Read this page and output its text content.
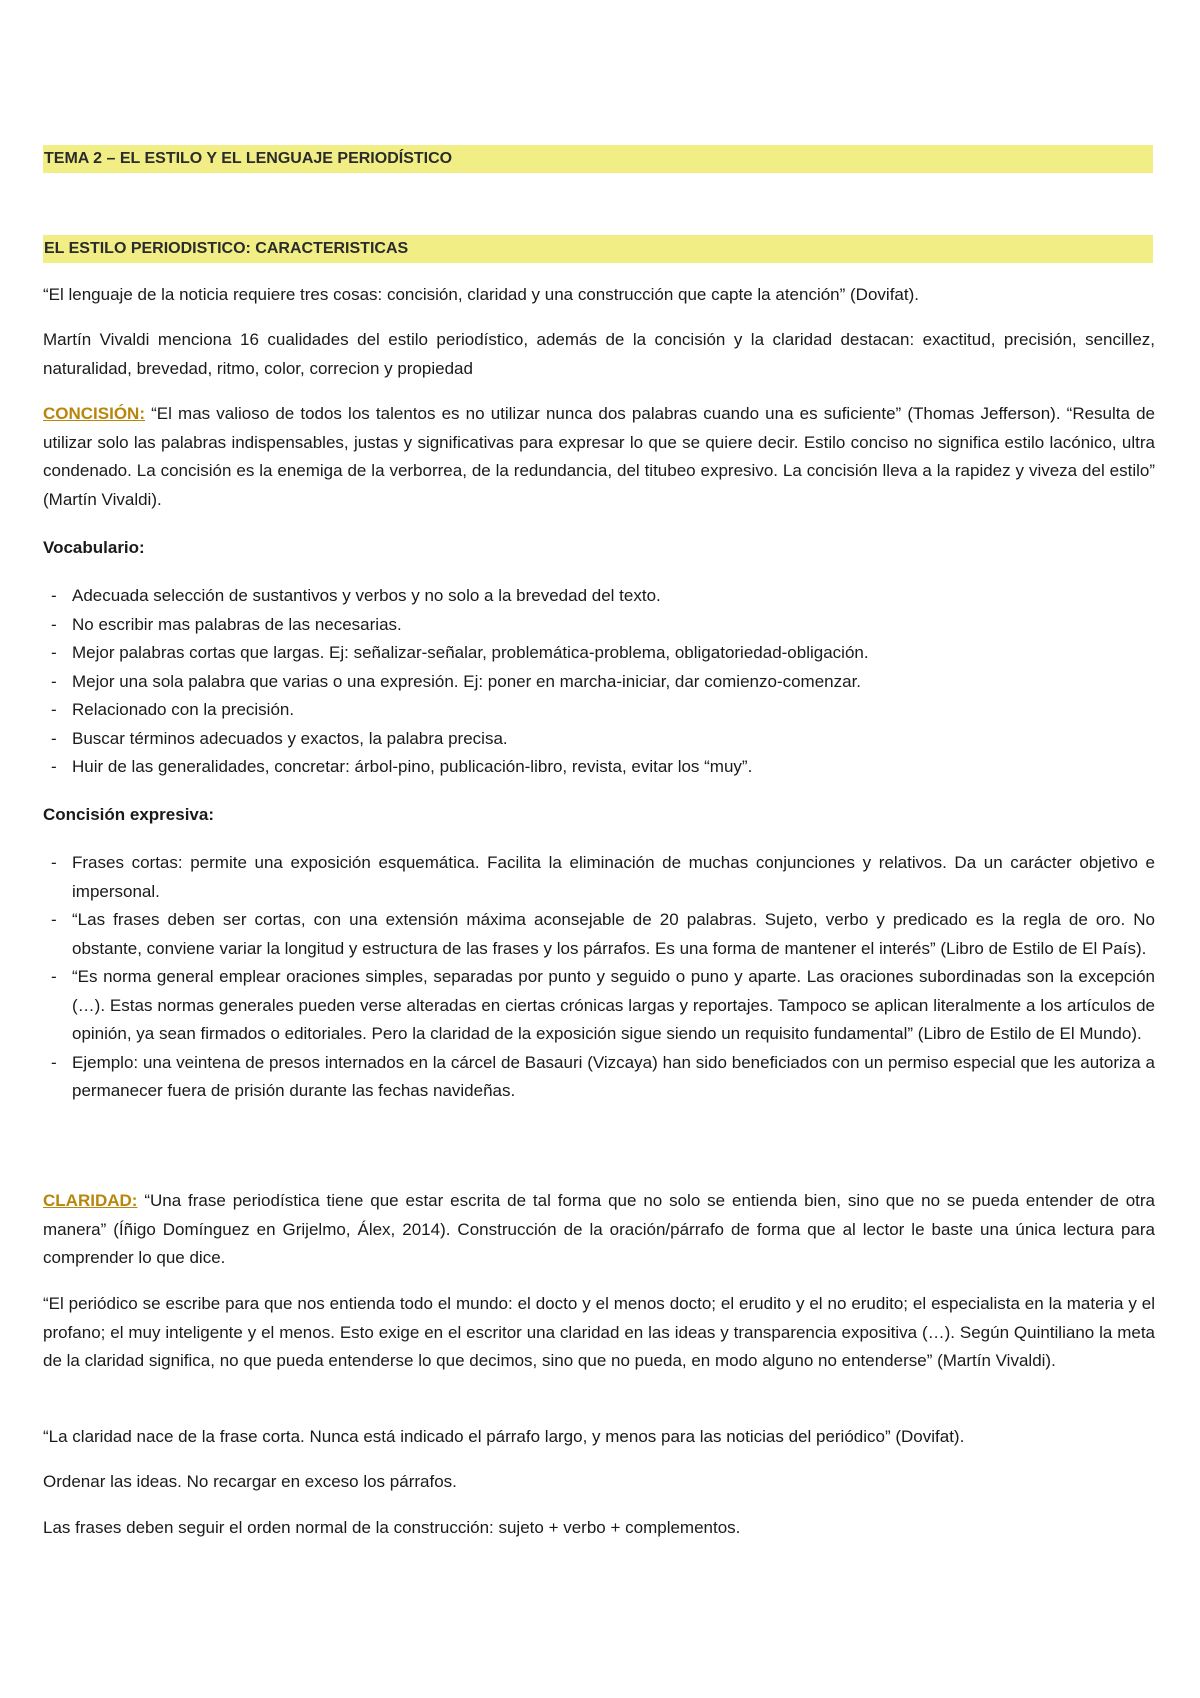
TEMA 2 – EL ESTILO Y EL LENGUAJE PERIODÍSTICO
EL ESTILO PERIODISTICO: CARACTERISTICAS
“El lenguaje de la noticia requiere tres cosas: concisión, claridad y una construcción que capte la atención” (Dovifat).
Martín Vivaldi menciona 16 cualidades del estilo periodístico, además de la concisión y la claridad destacan: exactitud, precisión, sencillez, naturalidad, brevedad, ritmo, color, correcion y propiedad
CONCISIÓN: “El mas valioso de todos los talentos es no utilizar nunca dos palabras cuando una es suficiente” (Thomas Jefferson). “Resulta de utilizar solo las palabras indispensables, justas y significativas para expresar lo que se quiere decir. Estilo conciso no significa estilo lacónico, ultra condenado. La concisión es la enemiga de la verborrea, de la redundancia, del titubeo expresivo. La concisión lleva a la rapidez y viveza del estilo” (Martín Vivaldi).
Vocabulario:
- Adecuada selección de sustantivos y verbos y no solo a la brevedad del texto.
- No escribir mas palabras de las necesarias.
- Mejor palabras cortas que largas. Ej: señalizar-señalar, problemática-problema, obligatoriedad-obligación.
- Mejor una sola palabra que varias o una expresión. Ej: poner en marcha-iniciar, dar comienzo-comenzar.
- Relacionado con la precisión.
- Buscar términos adecuados y exactos, la palabra precisa.
- Huir de las generalidades, concretar: árbol-pino, publicación-libro, revista, evitar los “muy”.
Concisión expresiva:
- Frases cortas: permite una exposición esquemática. Facilita la eliminación de muchas conjunciones y relativos. Da un carácter objetivo e impersonal.
- “Las frases deben ser cortas, con una extensión máxima aconsejable de 20 palabras. Sujeto, verbo y predicado es la regla de oro. No obstante, conviene variar la longitud y estructura de las frases y los párrafos. Es una forma de mantener el interés” (Libro de Estilo de El País).
- “Es norma general emplear oraciones simples, separadas por punto y seguido o puno y aparte. Las oraciones subordinadas son la excepción (…). Estas normas generales pueden verse alteradas en ciertas crónicas largas y reportajes. Tampoco se aplican literalmente a los artículos de opinión, ya sean firmados o editoriales. Pero la claridad de la exposición sigue siendo un requisito fundamental” (Libro de Estilo de El Mundo).
- Ejemplo: una veintena de presos internados en la cárcel de Basauri (Vizcaya) han sido beneficiados con un permiso especial que les autoriza a permanecer fuera de prisión durante las fechas navideñas.
CLARIDAD: “Una frase periodística tiene que estar escrita de tal forma que no solo se entienda bien, sino que no se pueda entender de otra manera” (Íñigo Domínguez en Grijelmo, Álex, 2014). Construcción de la oración/párrafo de forma que al lector le baste una única lectura para comprender lo que dice.
“El periódico se escribe para que nos entienda todo el mundo: el docto y el menos docto; el erudito y el no erudito; el especialista en la materia y el profano; el muy inteligente y el menos. Esto exige en el escritor una claridad en las ideas y transparencia expositiva (…). Según Quintiliano la meta de la claridad significa, no que pueda entenderse lo que decimos, sino que no pueda, en modo alguno no entenderse” (Martín Vivaldi).
“La claridad nace de la frase corta. Nunca está indicado el párrafo largo, y menos para las noticias del periódico” (Dovifat).
Ordenar las ideas. No recargar en exceso los párrafos.
Las frases deben seguir el orden normal de la construcción: sujeto + verbo + complementos.
